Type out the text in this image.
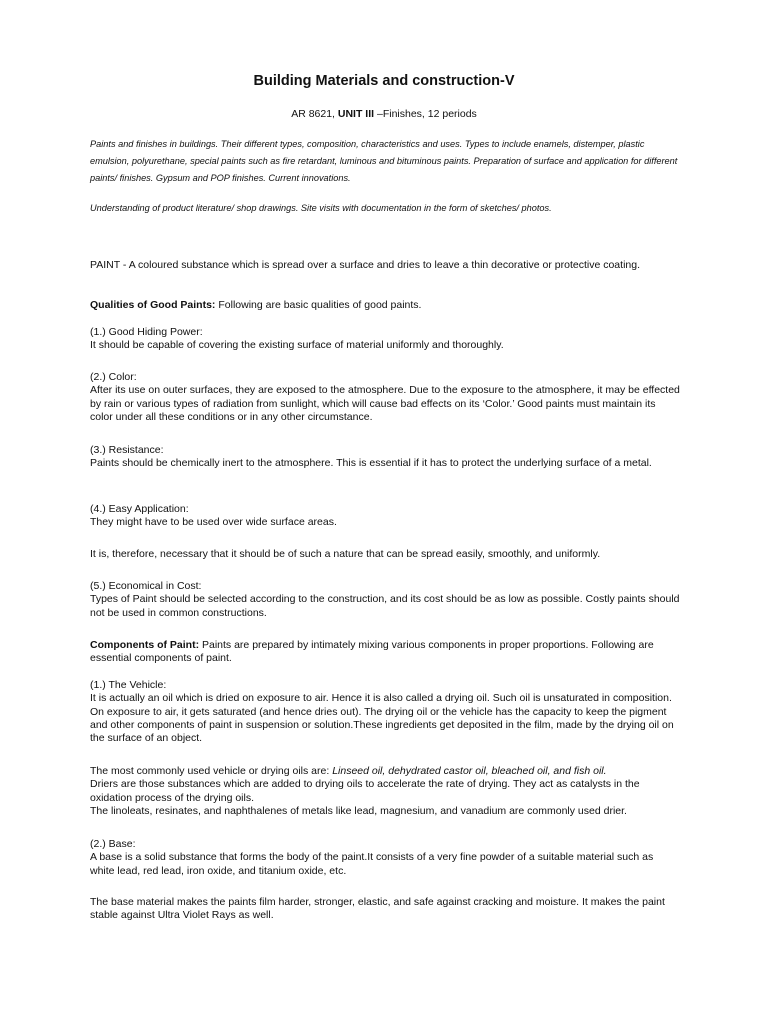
Building Materials and construction-V
AR 8621, UNIT III –Finishes, 12 periods
Paints and finishes in buildings. Their different types, composition, characteristics and uses. Types to include enamels, distemper, plastic emulsion, polyurethane, special paints such as fire retardant, luminous and bituminous paints. Preparation of surface and application for different paints/ finishes. Gypsum and POP finishes. Current innovations.
Understanding of product literature/ shop drawings. Site visits with documentation in the form of sketches/ photos.
PAINT - A coloured substance which is spread over a surface and dries to leave a thin decorative or protective coating.
Qualities of Good Paints: Following are basic qualities of good paints.

(1.) Good Hiding Power:

It should be capable of covering the existing surface of material uniformly and thoroughly.

(2.) Color:

After its use on outer surfaces, they are exposed to the atmosphere. Due to the exposure to the atmosphere, it may be effected by rain or various types of radiation from sunlight, which will cause bad effects on its ‘Color.’ Good paints must maintain its color under all these conditions or in any other circumstance.

(3.) Resistance:

Paints should be chemically inert to the atmosphere. This is essential if it has to protect the underlying surface of a metal.

(4.) Easy Application:

They might have to be used over wide surface areas.

It is, therefore, necessary that it should be of such a nature that can be spread easily, smoothly, and uniformly.

(5.) Economical in Cost:

Types of Paint should be selected according to the construction, and its cost should be as low as possible. Costly paints should not be used in common constructions.

Components of Paint: Paints are prepared by intimately mixing various components in proper proportions. Following are essential components of paint.

(1.) The Vehicle:

It is actually an oil which is dried on exposure to air. Hence it is also called a drying oil. Such oil is unsaturated in composition. On exposure to air, it gets saturated (and hence dries out). The drying oil or the vehicle has the capacity to keep the pigment and other components of paint in suspension or solution.These ingredients get deposited in the film, made by the drying oil on the surface of an object.

The most commonly used vehicle or drying oils are: Linseed oil, dehydrated castor oil, bleached oil, and fish oil.

Driers are those substances which are added to drying oils to accelerate the rate of drying. They act as catalysts in the oxidation process of the drying oils.

The linoleats, resinates, and naphthalenes of metals like lead, magnesium, and vanadium are commonly used drier.

(2.) Base:

A base is a solid substance that forms the body of the paint.It consists of a very fine powder of a suitable material such as white lead, red lead, iron oxide, and titanium oxide, etc.

The base material makes the paints film harder, stronger, elastic, and safe against cracking and moisture. It makes the paint stable against Ultra Violet Rays as well.
